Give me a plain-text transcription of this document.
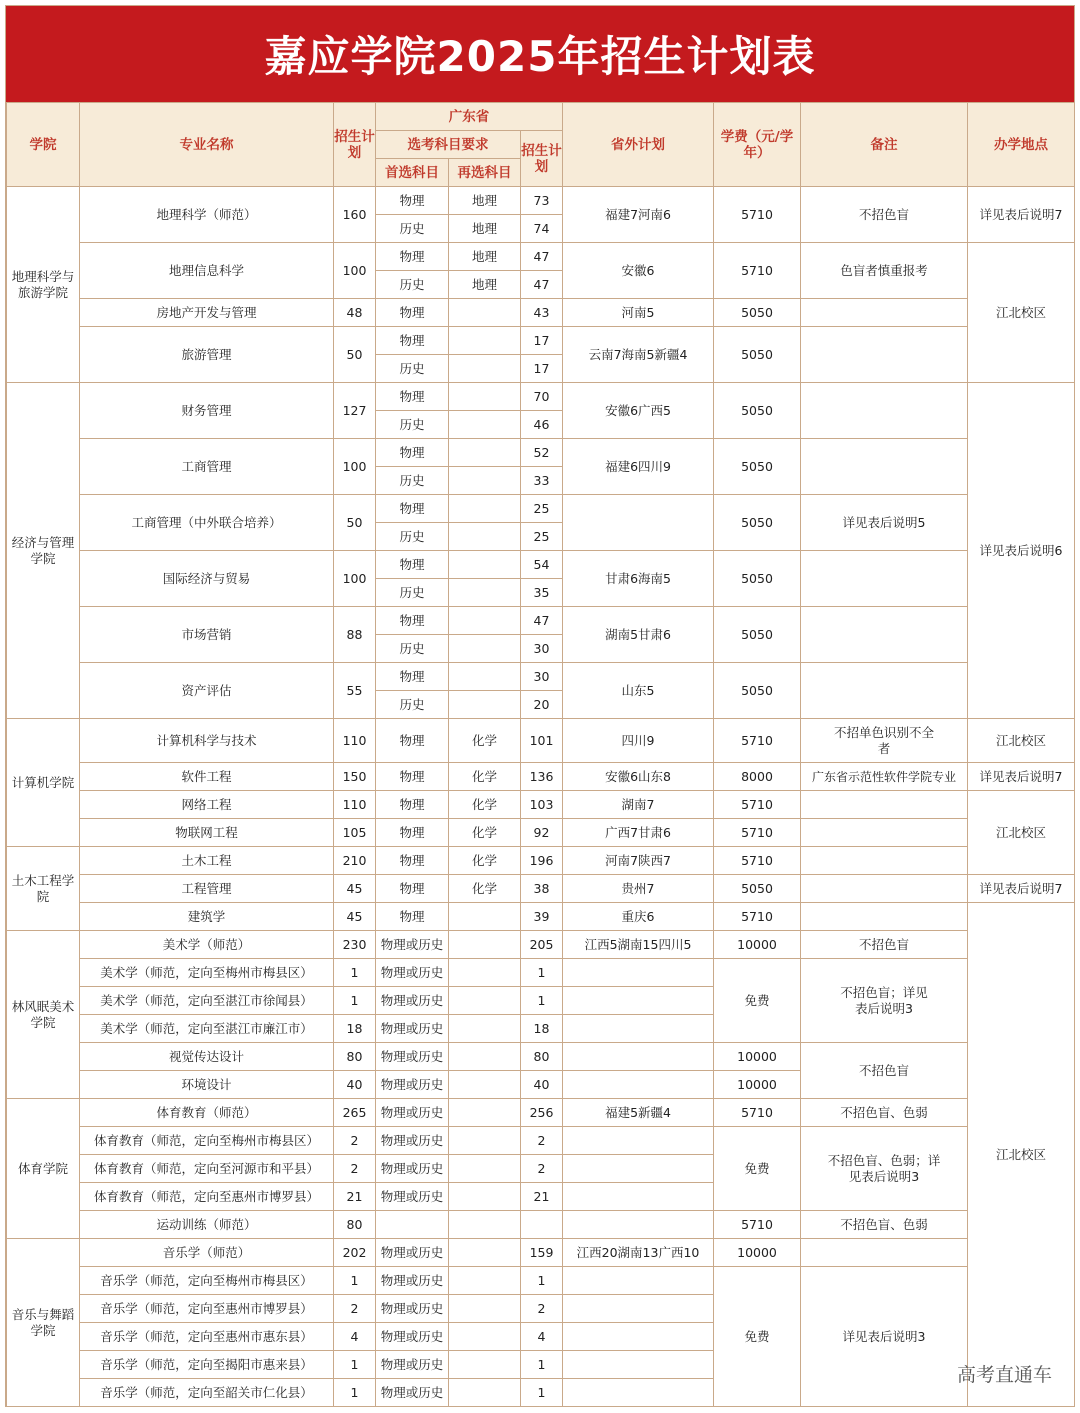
嘉应学院2025年招生计划表
学院	专业名称	招生计划	广东省			省外计划	学费（元/学年）	备注	办学地点
			选考科目要求		招生计划				
			首选科目	再选科目					
地理科学与旅游学院	地理科学（师范）	160	物理	地理	73	福建7河南6	5710	不招色盲	详见表后说明7
			历史	地理	74				
	地理信息科学	100	物理	地理	47	安徽6	5710	色盲者慎重报考	江北校区
			历史	地理	47				
	房地产开发与管理	48	物理		43	河南5	5050		
	旅游管理	50	物理		17	云南7海南5新疆4	5050		
			历史		17				
经济与管理学院	财务管理	127	物理		70	安徽6广西5	5050		详见表后说明6
			历史		46				
	工商管理	100	物理		52	福建6四川9	5050		
			历史		33				
	工商管理（中外联合培养）	50	物理		25		5050	详见表后说明5	
			历史		25				
	国际经济与贸易	100	物理		54	甘肃6海南5	5050		
			历史		35				
	市场营销	88	物理		47	湖南5甘肃6	5050		
			历史		30				
	资产评估	55	物理		30	山东5	5050		
			历史		20				
计算机学院	计算机科学与技术	110	物理	化学	101	四川9	5710	不招单色识别不全者	江北校区
	软件工程	150	物理	化学	136	安徽6山东8	8000	广东省示范性软件学院专业	详见表后说明7
	网络工程	110	物理	化学	103	湖南7	5710		江北校区
	物联网工程	105	物理	化学	92	广西7甘肃6	5710		
土木工程学院	土木工程	210	物理	化学	196	河南7陕西7	5710		
	工程管理	45	物理	化学	38	贵州7	5050		详见表后说明7
	建筑学	45	物理		39	重庆6	5710		江北校区
林风眠美术学院	美术学（师范）	230	物理或历史		205	江西5湖南15四川5	10000	不招色盲	
	美术学（师范，定向至梅州市梅县区）	1	物理或历史		1		免费	不招色盲；详见表后说明3	
	美术学（师范，定向至湛江市徐闻县）	1	物理或历史		1				
	美术学（师范，定向至湛江市廉江市）	18	物理或历史		18				
	视觉传达设计	80	物理或历史		80		10000	不招色盲	
	环境设计	40	物理或历史		40		10000		
体育学院	体育教育（师范）	265	物理或历史		256	福建5新疆4	5710	不招色盲、色弱	
	体育教育（师范，定向至梅州市梅县区）	2	物理或历史		2		免费	不招色盲、色弱；详见表后说明3	
	体育教育（师范，定向至河源市和平县）	2	物理或历史		2				
	体育教育（师范，定向至惠州市博罗县）	21	物理或历史		21				
	运动训练（师范）	80					5710	不招色盲、色弱	
音乐与舞蹈学院	音乐学（师范）	202	物理或历史		159	江西20湖南13广西10	10000		
	音乐学（师范，定向至梅州市梅县区）	1	物理或历史		1		免费	详见表后说明3	
	音乐学（师范，定向至惠州市博罗县）	2	物理或历史		2				
	音乐学（师范，定向至惠州市惠东县）	4	物理或历史		4				
	音乐学（师范，定向至揭阳市惠来县）	1	物理或历史		1				
	音乐学（师范，定向至韶关市仁化县）	1	物理或历史		1				
高考直通车
